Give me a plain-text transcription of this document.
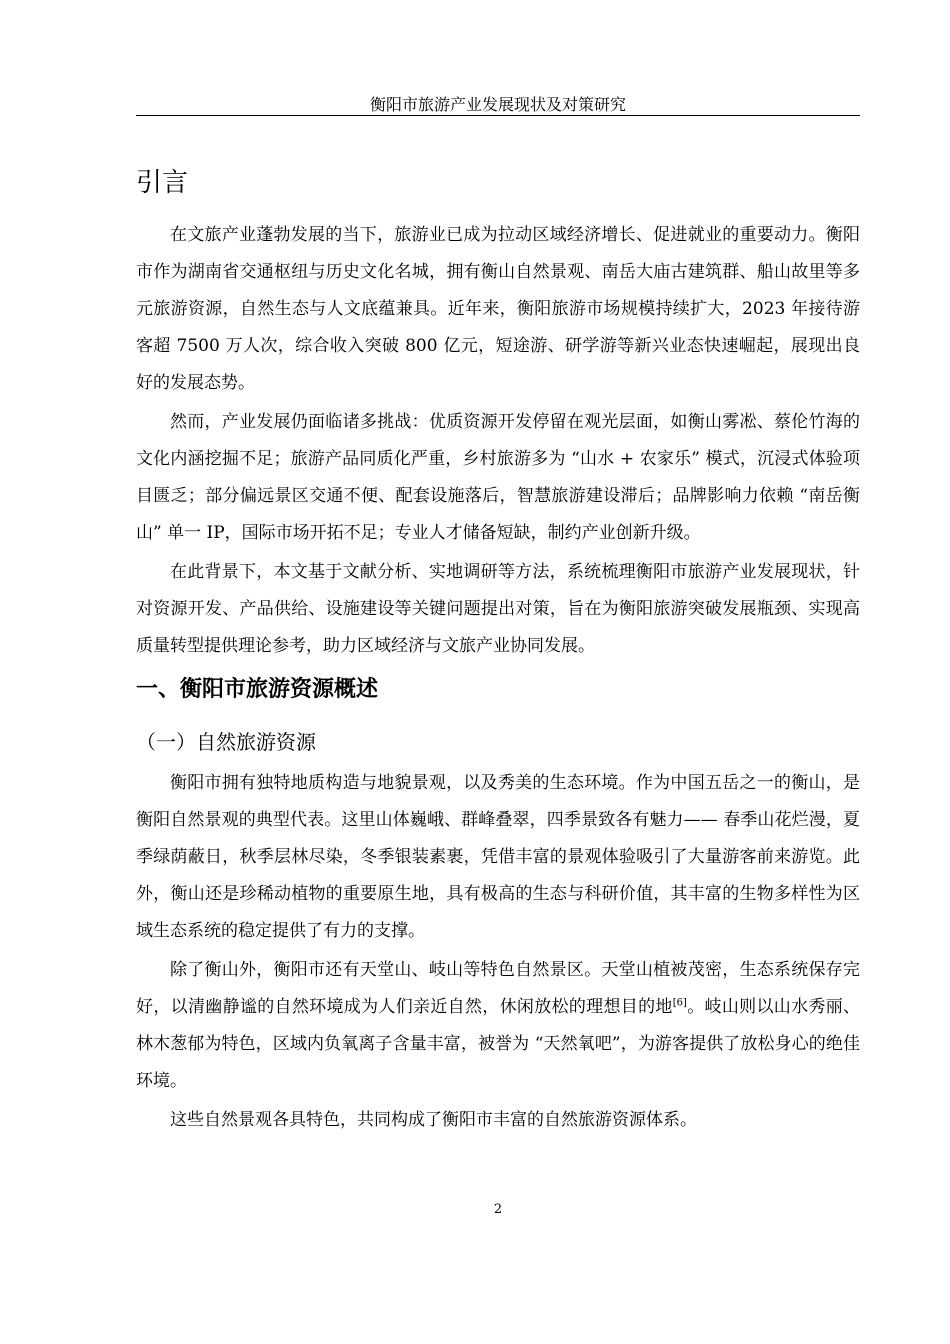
衡阳市旅游产业发展现状及对策研究
引言

在文旅产业蓬勃发展的当下，旅游业已成为拉动区域经济增长、促进就业的重要动力。衡阳市作为湖南省交通枢纽与历史文化名城，拥有衡山自然景观、南岳大庙古建筑群、船山故里等多元旅游资源，自然生态与人文底蕴兼具。近年来，衡阳旅游市场规模持续扩大，2023 年接待游客超 7500 万人次，综合收入突破 800 亿元，短途游、研学游等新兴业态快速崛起，展现出良好的发展态势。

然而，产业发展仍面临诸多挑战：优质资源开发停留在观光层面，如衡山雾凇、蔡伦竹海的文化内涵挖掘不足；旅游产品同质化严重，乡村旅游多为 “山水 + 农家乐” 模式，沉浸式体验项目匮乏；部分偏远景区交通不便、配套设施落后，智慧旅游建设滞后；品牌影响力依赖 “南岳衡山” 单一 IP，国际市场开拓不足；专业人才储备短缺，制约产业创新升级。

在此背景下，本文基于文献分析、实地调研等方法，系统梳理衡阳市旅游产业发展现状，针对资源开发、产品供给、设施建设等关键问题提出对策，旨在为衡阳旅游突破发展瓶颈、实现高质量转型提供理论参考，助力区域经济与文旅产业协同发展。

一、衡阳市旅游资源概述
（一）自然旅游资源

衡阳市拥有独特地质构造与地貌景观，以及秀美的生态环境。作为中国五岳之一的衡山，是衡阳自然景观的典型代表。这里山体巍峨、群峰叠翠，四季景致各有魅力—— 春季山花烂漫，夏季绿荫蔽日，秋季层林尽染，冬季银装素裹，凭借丰富的景观体验吸引了大量游客前来游览。此外，衡山还是珍稀动植物的重要原生地，具有极高的生态与科研价值，其丰富的生物多样性为区域生态系统的稳定提供了有力的支撑。

除了衡山外，衡阳市还有天堂山、岐山等特色自然景区。天堂山植被茂密，生态系统保存完好，以清幽静谧的自然环境成为人们亲近自然，休闲放松的理想目的地[6]。岐山则以山水秀丽、林木葱郁为特色，区域内负氧离子含量丰富，被誉为 “天然氧吧”，为游客提供了放松身心的绝佳环境。

这些自然景观各具特色，共同构成了衡阳市丰富的自然旅游资源体系。

2
